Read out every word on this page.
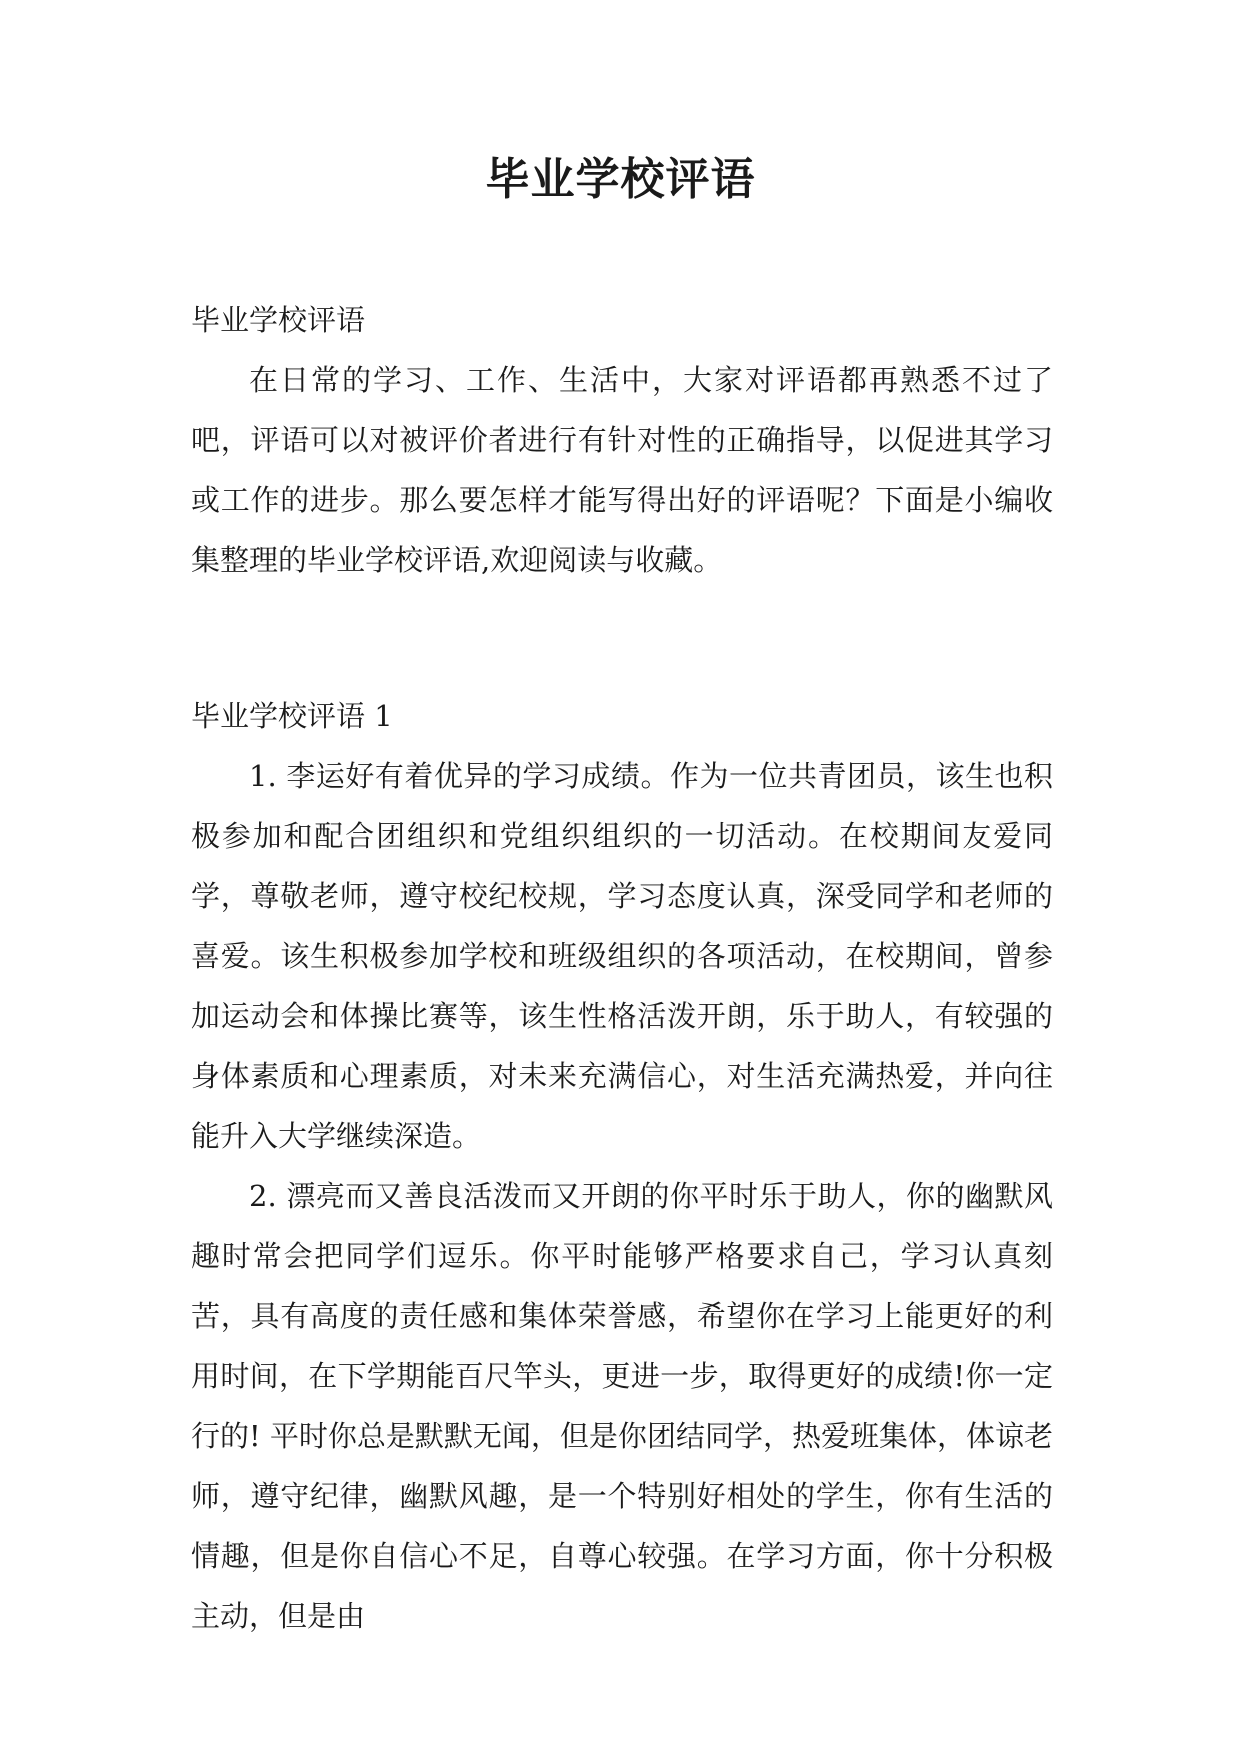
毕业学校评语

毕业学校评语

在日常的学习、工作、生活中，大家对评语都再熟悉不过了吧，评语可以对被评价者进行有针对性的正确指导，以促进其学习或工作的进步。那么要怎样才能写得出好的评语呢？下面是小编收集整理的毕业学校评语,欢迎阅读与收藏。

毕业学校评语 1

1. 李运好有着优异的学习成绩。作为一位共青团员，该生也积极参加和配合团组织和党组织组织的一切活动。在校期间友爱同学，尊敬老师，遵守校纪校规，学习态度认真，深受同学和老师的喜爱。该生积极参加学校和班级组织的各项活动，在校期间，曾参加运动会和体操比赛等，该生性格活泼开朗，乐于助人，有较强的身体素质和心理素质，对未来充满信心，对生活充满热爱，并向往能升入大学继续深造。

2. 漂亮而又善良活泼而又开朗的你平时乐于助人，你的幽默风趣时常会把同学们逗乐。你平时能够严格要求自己，学习认真刻苦，具有高度的责任感和集体荣誉感，希望你在学习上能更好的利用时间，在下学期能百尺竿头，更进一步，取得更好的成绩!你一定行的! 平时你总是默默无闻，但是你团结同学，热爱班集体，体谅老师，遵守纪律，幽默风趣，是一个特别好相处的学生，你有生活的情趣，但是你自信心不足，自尊心较强。在学习方面，你十分积极主动，但是由
